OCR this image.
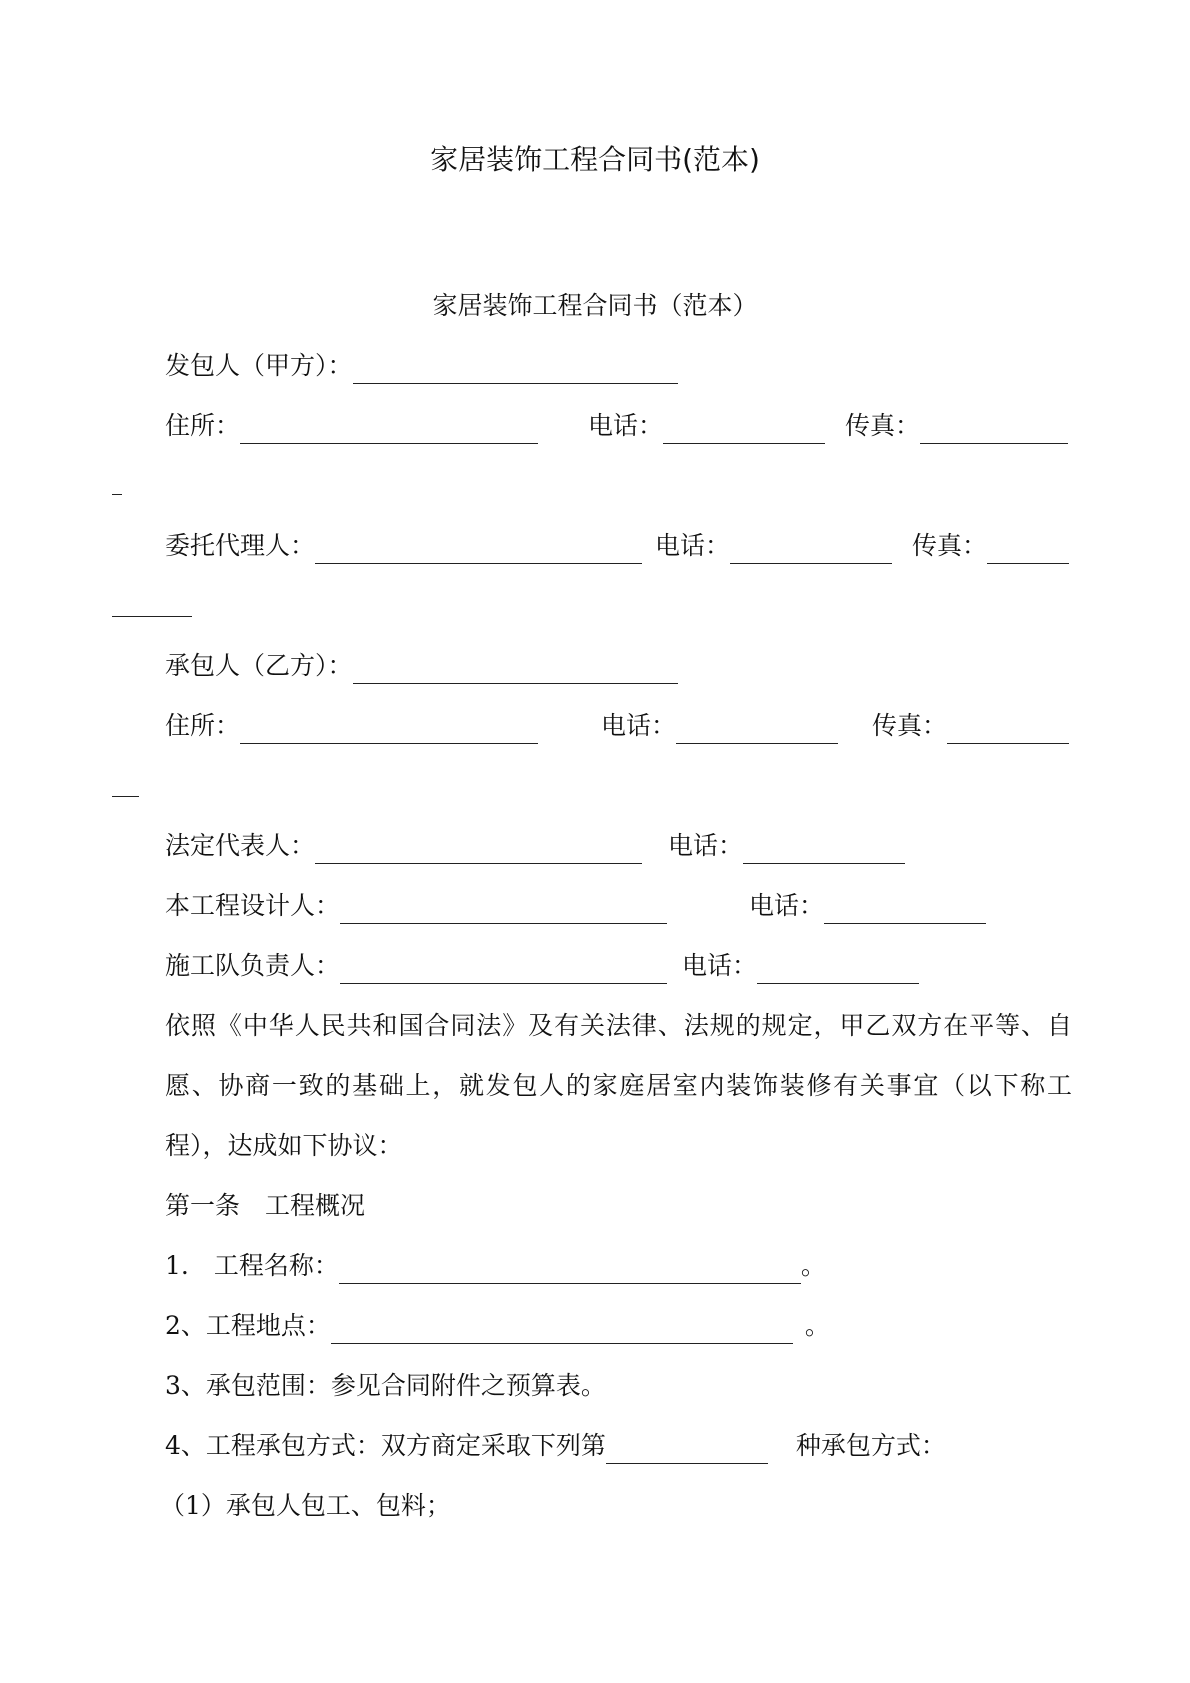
家居装饰工程合同书(范本)
家居装饰工程合同书（范本）
发包人（甲方）：
住所：	电话：	传真：
委托代理人：	电话：	传真：
承包人（乙方）：
住所：	电话：	传真：
法定代表人：	电话：
本工程设计人：	电话：
施工队负责人：	电话：
依照《中华人民共和国合同法》及有关法律、法规的规定，甲乙双方在平等、自愿、协商一致的基础上，就发包人的家庭居室内装饰装修有关事宜（以下称工程），达成如下协议：
第一条　工程概况
1.　工程名称：	。
2、工程地点：	。
3、承包范围：参见合同附件之预算表。
4、工程承包方式：双方商定采取下列第	种承包方式：
（1）承包人包工、包料；
